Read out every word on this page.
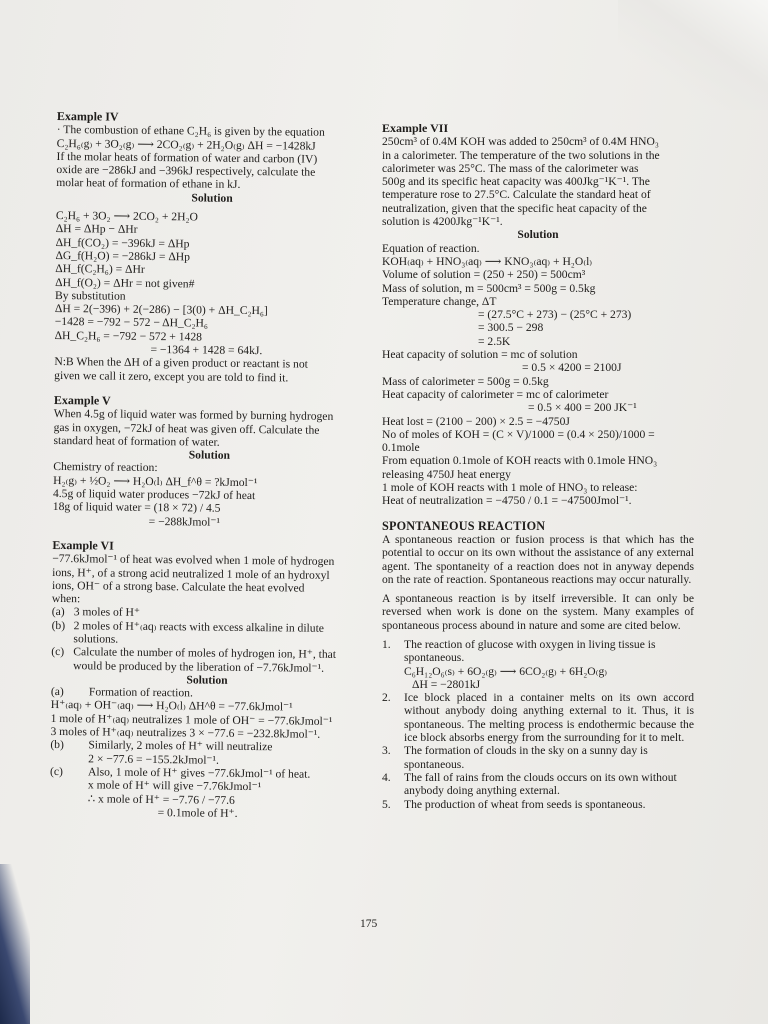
Example IV

· The combustion of ethane C₂H₆ is given by the equation

C₂H₆₍g₎ + 3O₂₍g₎ ⟶ 2CO₂₍g₎ + 2H₂O₍g₎ ΔH = −1428kJ

If the molar heats of formation of water and carbon (IV)

oxide are −286kJ and −396kJ respectively, calculate the

molar heat of formation of ethane in kJ.

Solution

C₂H₆ + 3O₂ ⟶ 2CO₂ + 2H₂O

ΔH = ΔHp − ΔHr

ΔH_f(CO₂) = −396kJ = ΔHp

ΔG_f(H₂O) = −286kJ = ΔHp

ΔH_f(C₂H₆) = ΔHr

ΔH_f(O₂) = ΔHr = not given#

By substitution

ΔH = 2(−396) + 2(−286) − [3(0) + ΔH_C₂H₆]

−1428 = −792 − 572 − ΔH_C₂H₆

ΔH_C₂H₆ = −792 − 572 + 1428

= −1364 + 1428 = 64kJ.

N:B When the ΔH of a given product or reactant is not

given we call it zero, except you are told to find it.

Example V

When 4.5g of liquid water was formed by burning hydrogen

gas in oxygen, −72kJ of heat was given off. Calculate the

standard heat of formation of water.

Solution

Chemistry of reaction:

H₂₍g₎ + ½O₂ ⟶ H₂O₍l₎ ΔH_f^θ = ?kJmol⁻¹

4.5g of liquid water produces −72kJ of heat

18g of liquid water = (18 × 72) / 4.5

= −288kJmol⁻¹

Example VI

−77.6kJmol⁻¹ of heat was evolved when 1 mole of hydrogen

ions, H⁺, of a strong acid neutralized 1 mole of an hydroxyl

ions, OH⁻ of a strong base. Calculate the heat evolved

when:

(a) 3 moles of H⁺
(b) 2 moles of H⁺₍aq₎ reacts with excess alkaline in dilute solutions.
(c) Calculate the number of moles of hydrogen ion, H⁺, that would be produced by the liberation of −7.76kJmol⁻¹.

Solution

(a)	Formation of reaction.

H⁺₍aq₎ + OH⁻₍aq₎ ⟶ H₂O₍l₎ ΔH^θ = −77.6kJmol⁻¹

1 mole of H⁺₍aq₎ neutralizes 1 mole of OH⁻ = −77.6kJmol⁻¹

3 moles of H⁺₍aq₎ neutralizes 3 × −77.6 = −232.8kJmol⁻¹.

(b)	Similarly, 2 moles of H⁺ will neutralize

2 × −77.6 = −155.2kJmol⁻¹.

(c)	Also, 1 mole of H⁺ gives −77.6kJmol⁻¹ of heat.

x mole of H⁺ will give −7.76kJmol⁻¹

∴ x mole of H⁺ = −7.76 / −77.6

= 0.1mole of H⁺.

Example VII

250cm³ of 0.4M KOH was added to 250cm³ of 0.4M HNO₃

in a calorimeter. The temperature of the two solutions in the

calorimeter was 25°C. The mass of the calorimeter was

500g and its specific heat capacity was 400Jkg⁻¹K⁻¹. The

temperature rose to 27.5°C. Calculate the standard heat of

neutralization, given that the specific heat capacity of the

solution is 4200Jkg⁻¹K⁻¹.

Solution

Equation of reaction.

KOH₍aq₎ + HNO₃₍aq₎ ⟶ KNO₃₍aq₎ + H₂O₍l₎

Volume of solution = (250 + 250) = 500cm³

Mass of solution, m = 500cm³ = 500g = 0.5kg

Temperature change, ΔT

= (27.5°C + 273) − (25°C + 273)

= 300.5 − 298

= 2.5K

Heat capacity of solution = mc of solution

= 0.5 × 4200 = 2100J

Mass of calorimeter = 500g = 0.5kg

Heat capacity of calorimeter = mc of calorimeter

= 0.5 × 400 = 200 JK⁻¹

Heat lost = (2100 − 200) × 2.5 = −4750J

No of moles of KOH = (C × V)/1000 = (0.4 × 250)/1000 = 0.1mole

From equation 0.1mole of KOH reacts with 0.1mole HNO₃

releasing 4750J heat energy

1 mole of KOH reacts with 1 mole of HNO₃ to release:

Heat of neutralization = −4750 / 0.1 = −47500Jmol⁻¹.

SPONTANEOUS REACTION

A spontaneous reaction or fusion process is that which has the potential to occur on its own without the assistance of any external agent. The spontaneity of a reaction does not in anyway depends on the rate of reaction. Spontaneous reactions may occur naturally.

A spontaneous reaction is by itself irreversible. It can only be reversed when work is done on the system. Many examples of spontaneous process abound in nature and some are cited below.

1.	The reaction of glucose with oxygen in living tissue is spontaneous.

C₆H₁₂O₆₍s₎ + 6O₂₍g₎ ⟶ 6CO₂₍g₎ + 6H₂O₍g₎

ΔH = −2801kJ

2.	Ice block placed in a container melts on its own accord without anybody doing anything external to it. Thus, it is spontaneous. The melting process is endothermic because the ice block absorbs energy from the surrounding for it to melt.
3.	The formation of clouds in the sky on a sunny day is spontaneous.
4.	The fall of rains from the clouds occurs on its own without anybody doing anything external.
5.	The production of wheat from seeds is spontaneous.
175
